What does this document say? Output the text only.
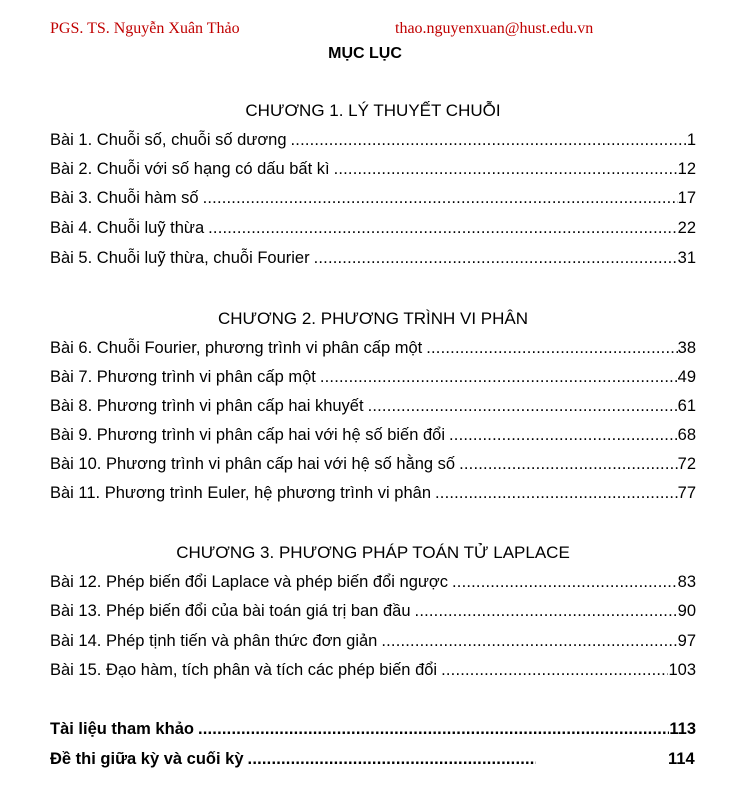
PGS. TS. Nguyễn Xuân Thảo	thao.nguyenxuan@hust.edu.vn
MỤC LỤC
CHƯƠNG 1. LÝ THUYẾT CHUỖI
Bài 1. Chuỗi số, chuỗi số dương .....	1
Bài 2. Chuỗi với số hạng có dấu bất kì .....	12
Bài 3. Chuỗi hàm số .....	17
Bài 4. Chuỗi luỹ thừa .....	22
Bài 5. Chuỗi luỹ thừa, chuỗi Fourier .....	31
CHƯƠNG 2. PHƯƠNG TRÌNH VI PHÂN
Bài 6. Chuỗi Fourier, phương trình vi phân cấp một .....	38
Bài 7. Phương trình vi phân cấp một .....	49
Bài 8. Phương trình vi phân cấp hai khuyết .....	61
Bài 9. Phương trình vi phân cấp hai với hệ số biến đổi .....	68
Bài 10. Phương trình vi phân cấp hai với hệ số hằng số .....	72
Bài 11. Phương trình Euler, hệ phương trình vi phân .....	77
CHƯƠNG 3. PHƯƠNG PHÁP TOÁN TỬ LAPLACE
Bài 12. Phép biến đổi Laplace và phép biến đổi ngược .....	83
Bài 13. Phép biến đổi của bài toán giá trị ban đầu .....	90
Bài 14. Phép tịnh tiến và phân thức đơn giản .....	97
Bài 15. Đạo hàm, tích phân và tích các phép biến đổi .....	103
Tài liệu tham khảo .....	113
Đề thi giữa kỳ và cuối kỳ .....	114
